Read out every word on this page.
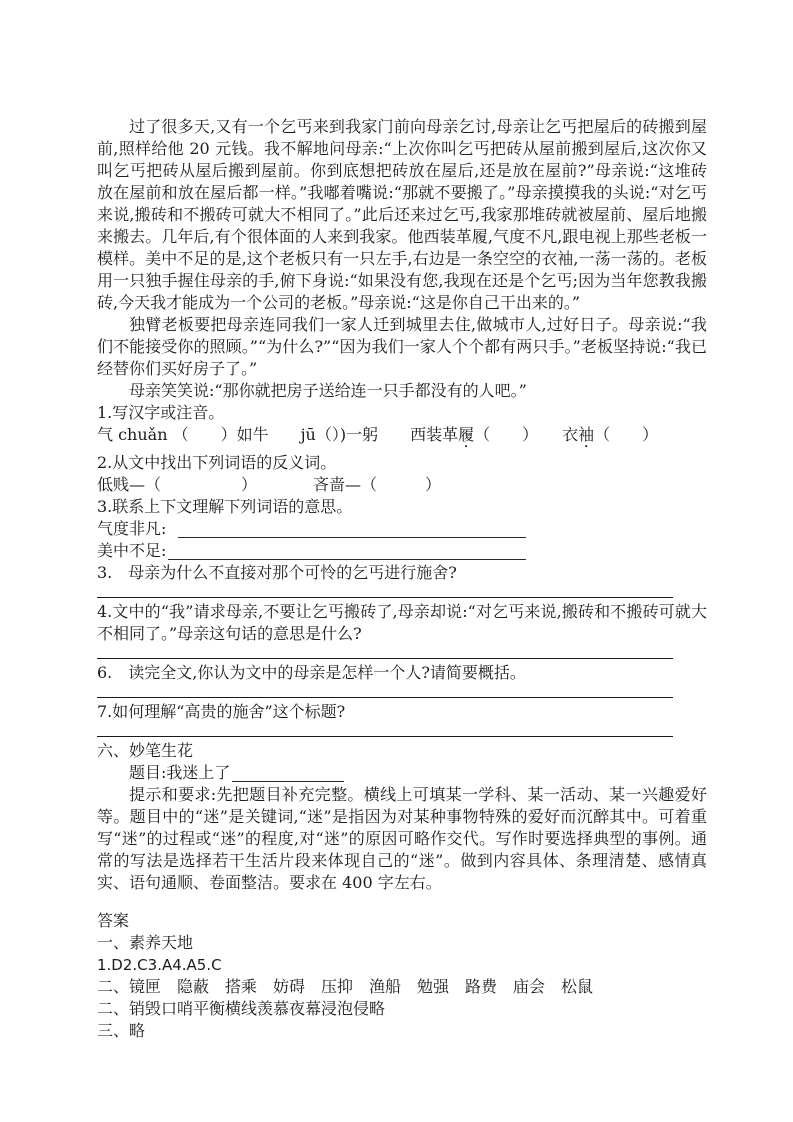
过了很多天,又有一个乞丐来到我家门前向母亲乞讨,母亲让乞丐把屋后的砖搬到屋前,照样给他 20 元钱。我不解地问母亲:“上次你叫乞丐把砖从屋前搬到屋后,这次你又叫乞丐把砖从屋后搬到屋前。你到底想把砖放在屋后,还是放在屋前?”母亲说:“这堆砖放在屋前和放在屋后都一样。”我嘟着嘴说:“那就不要搬了。”母亲摸摸我的头说:“对乞丐来说,搬砖和不搬砖可就大不相同了。”此后还来过乞丐,我家那堆砖就被屋前、屋后地搬来搬去。几年后,有个很体面的人来到我家。他西装革履,气度不凡,跟电视上那些老板一模样。美中不足的是,这个老板只有一只左手,右边是一条空空的衣袖,一荡一荡的。老板用一只独手握住母亲的手,俯下身说:“如果没有您,我现在还是个乞丐;因为当年您教我搬砖,今天我才能成为一个公司的老板。”母亲说:“这是你自己干出来的。”

独臂老板要把母亲连同我们一家人迁到城里去住,做城市人,过好日子。母亲说:“我们不能接受你的照顾。”“为什么?”“因为我们一家人个个都有两只手。”老板坚持说:“我已经替你们买好房子了。”

母亲笑笑说:“那你就把房子送给连一只手都没有的人吧。”

1.写汉字或注音。
气 chuǎn （　　）如牛　　jū（）)一躬　　西装革履（　　）　　衣袖（　　）
2.从文中找出下列词语的反义词。
低贱—（　　　　　）　　　　吝啬—（　　　）
3.联系上下文理解下列词语的意思。
气度非凡:
美中不足:
3. 母亲为什么不直接对那个可怜的乞丐进行施舍?
4.文中的“我”请求母亲,不要让乞丐搬砖了,母亲却说:“对乞丐来说,搬砖和不搬砖可就大不相同了。”母亲这句话的意思是什么?
6. 读完全文,你认为文中的母亲是怎样一个人?请简要概括。
7.如何理解“高贵的施舍”这个标题?
六、妙笔生花
题目:我迷上了

提示和要求:先把题目补充完整。横线上可填某一学科、某一活动、某一兴趣爱好等。题目中的“迷”是关键词,“迷”是指因为对某种事物特殊的爱好而沉醉其中。可着重写“迷”的过程或“迷”的程度,对“迷”的原因可略作交代。写作时要选择典型的事例。通常的写法是选择若干生活片段来体现自己的“迷”。做到内容具体、条理清楚、感情真实、语句通顺、卷面整洁。要求在 400 字左右。

答案
一、素养天地
1.D2.C3.A4.A5.C
二、镜匣　隐蔽　搭乘　妨碍　压抑　渔船　勉强　路费　庙会　松鼠
二、销毁口哨平衡横线羡慕夜幕浸泡侵略
三、略
